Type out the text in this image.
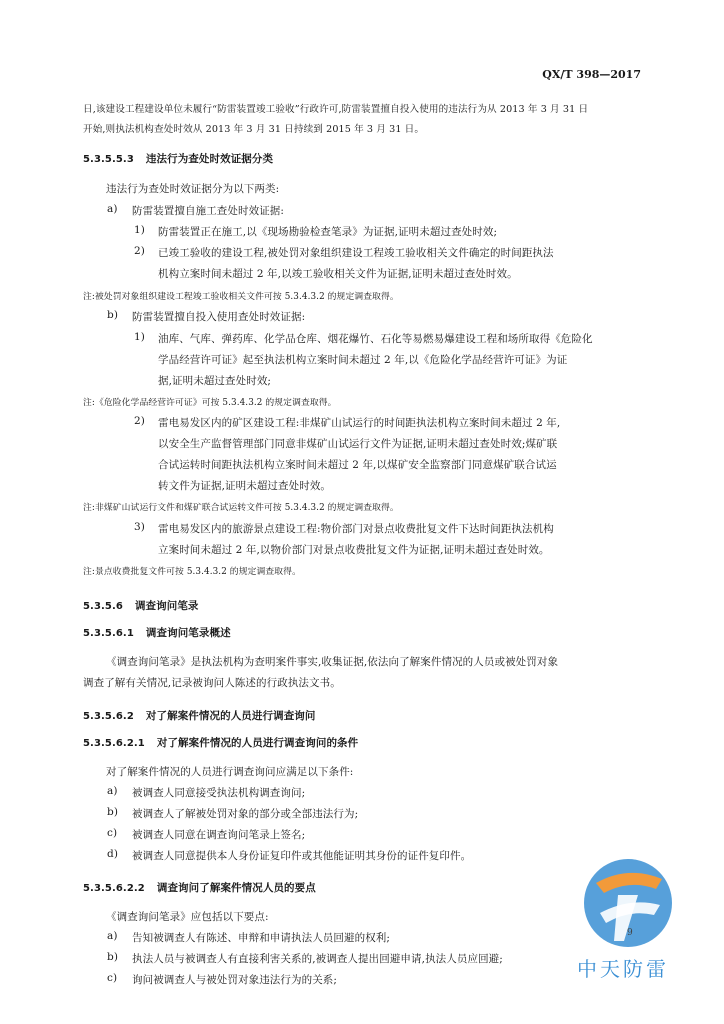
QX/T 398—2017
日,该建设工程建设单位未履行“防雷装置竣工验收”行政许可,防雷装置擅自投入使用的违法行为从 2013 年 3 月 31 日
开始,则执法机构查处时效从 2013 年 3 月 31 日持续到 2015 年 3 月 31 日。
5.3.5.5.3 违法行为查处时效证据分类
违法行为查处时效证据分为以下两类:
a) 防雷装置擅自施工查处时效证据:
1) 防雷装置正在施工,以《现场勘验检查笔录》为证据,证明未超过查处时效;
2) 已竣工验收的建设工程,被处罚对象组织建设工程竣工验收相关文件确定的时间距执法
机构立案时间未超过 2 年,以竣工验收相关文件为证据,证明未超过查处时效。
注:被处罚对象组织建设工程竣工验收相关文件可按 5.3.4.3.2 的规定调查取得。
b) 防雷装置擅自投入使用查处时效证据:
1) 油库、气库、弹药库、化学品仓库、烟花爆竹、石化等易燃易爆建设工程和场所取得《危险化
学品经营许可证》起至执法机构立案时间未超过 2 年,以《危险化学品经营许可证》为证
据,证明未超过查处时效;
注:《危险化学品经营许可证》可按 5.3.4.3.2 的规定调查取得。
2) 雷电易发区内的矿区建设工程:非煤矿山试运行的时间距执法机构立案时间未超过 2 年,
以安全生产监督管理部门同意非煤矿山试运行文件为证据,证明未超过查处时效;煤矿联
合试运转时间距执法机构立案时间未超过 2 年,以煤矿安全监察部门同意煤矿联合试运
转文件为证据,证明未超过查处时效。
注:非煤矿山试运行文件和煤矿联合试运转文件可按 5.3.4.3.2 的规定调查取得。
3) 雷电易发区内的旅游景点建设工程:物价部门对景点收费批复文件下达时间距执法机构
立案时间未超过 2 年,以物价部门对景点收费批复文件为证据,证明未超过查处时效。
注:景点收费批复文件可按 5.3.4.3.2 的规定调查取得。
5.3.5.6 调查询问笔录
5.3.5.6.1 调查询问笔录概述
《调查询问笔录》是执法机构为查明案件事实,收集证据,依法向了解案件情况的人员或被处罚对象
调查了解有关情况,记录被询问人陈述的行政执法文书。
5.3.5.6.2 对了解案件情况的人员进行调查询问
5.3.5.6.2.1 对了解案件情况的人员进行调查询问的条件
对了解案件情况的人员进行调查询问应满足以下条件:
a) 被调查人同意接受执法机构调查询问;
b) 被调查人了解被处罚对象的部分或全部违法行为;
c) 被调查人同意在调查询问笔录上签名;
d) 被调查人同意提供本人身份证复印件或其他能证明其身份的证件复印件。
5.3.5.6.2.2 调查询问了解案件情况人员的要点
《调查询问笔录》应包括以下要点:
a) 告知被调查人有陈述、申辩和申请执法人员回避的权利;
b) 执法人员与被调查人有直接利害关系的,被调查人提出回避申请,执法人员应回避;
c) 询问被调查人与被处罚对象违法行为的关系;	中天防雷
9
